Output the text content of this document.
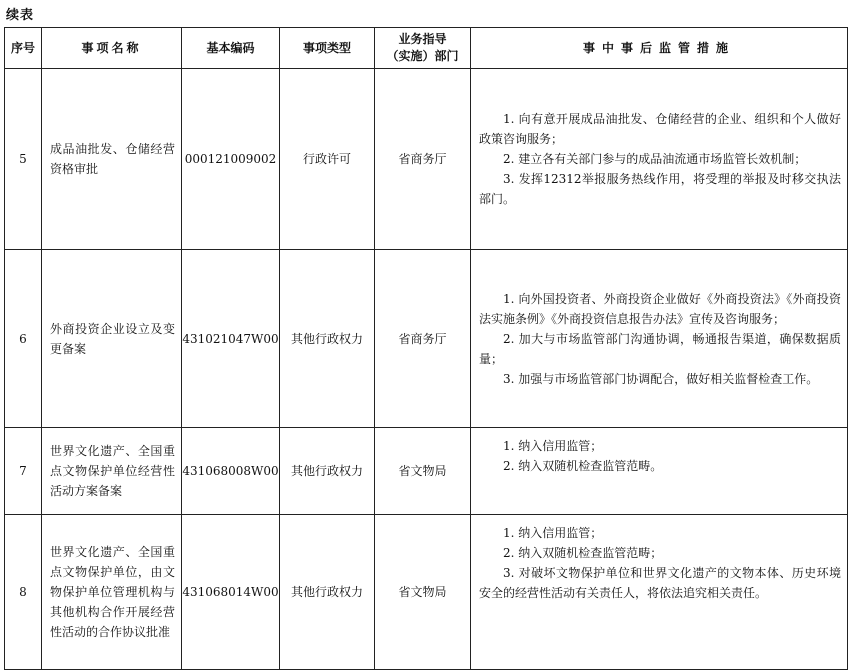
续表
序号	事项名称	基本编码	事项类型	业务指导
（实施）部门	事中事后监管措施
5	成品油批发、仓储经营资格审批	000121009002	行政许可	省商务厅	1. 向有意开展成品油批发、仓储经营的企业、组织和个人做好政策咨询服务；

2. 建立各有关部门参与的成品油流通市场监管长效机制；

3. 发挥12312举报服务热线作用，将受理的举报及时移交执法部门。

6	外商投资企业设立及变更备案	431021047W00	其他行政权力	省商务厅	1. 向外国投资者、外商投资企业做好《外商投资法》《外商投资法实施条例》《外商投资信息报告办法》宣传及咨询服务；

2. 加大与市场监管部门沟通协调，畅通报告渠道，确保数据质量；

3. 加强与市场监管部门协调配合，做好相关监督检查工作。

7	世界文化遗产、全国重点文物保护单位经营性活动方案备案	431068008W00	其他行政权力	省文物局	1. 纳入信用监管；

2. 纳入双随机检查监管范畴。

8	世界文化遗产、全国重点文物保护单位，由文物保护单位管理机构与其他机构合作开展经营性活动的合作协议批准	431068014W00	其他行政权力	省文物局	1. 纳入信用监管；

2. 纳入双随机检查监管范畴；

3. 对破坏文物保护单位和世界文化遗产的文物本体、历史环境安全的经营性活动有关责任人，将依法追究相关责任。
